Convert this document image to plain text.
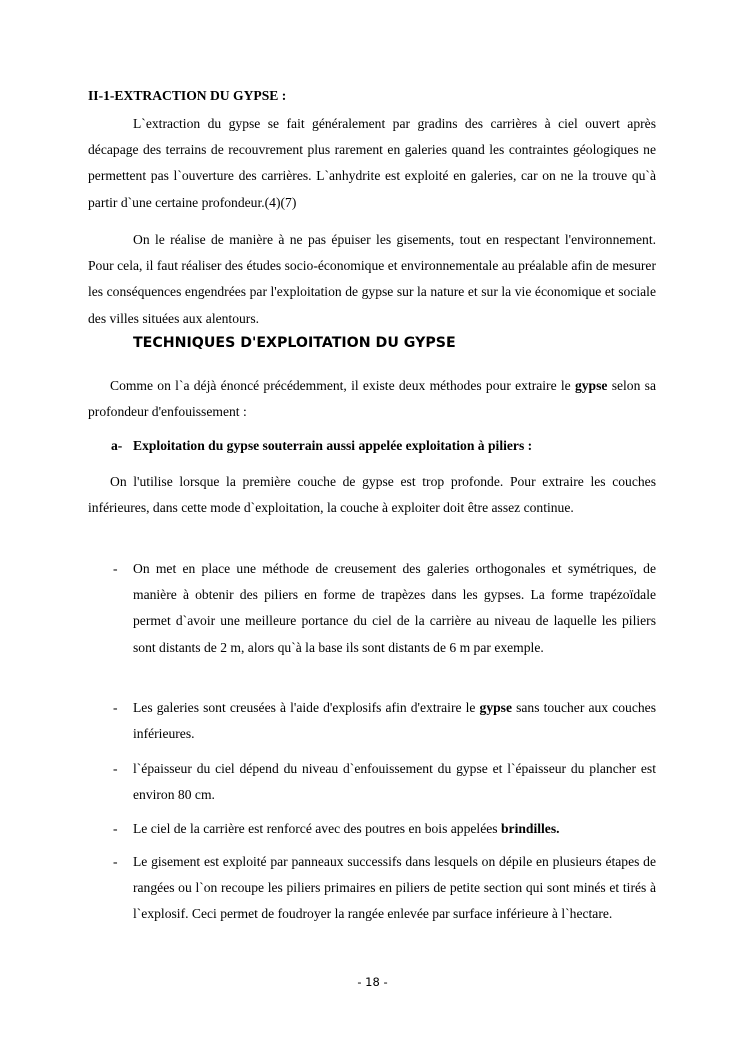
II-1-EXTRACTION DU GYPSE :
L`extraction du gypse se fait généralement par gradins des carrières à ciel ouvert après décapage des terrains de recouvrement plus rarement en galeries quand les contraintes géologiques ne permettent pas l`ouverture des carrières. L`anhydrite est exploité en galeries, car on ne la trouve qu`à partir d`une certaine profondeur.(4)(7)
On le réalise de manière à ne pas épuiser les gisements, tout en respectant l'environnement. Pour cela, il faut réaliser des études socio-économique et environnementale au préalable afin de mesurer les conséquences engendrées par l'exploitation de gypse sur la nature et sur la vie économique et sociale des villes situées aux alentours.
TECHNIQUES D'EXPLOITATION DU GYPSE
Comme on l`a déjà énoncé précédemment, il existe deux méthodes pour extraire le gypse selon sa profondeur d'enfouissement :
a- Exploitation du gypse souterrain aussi appelée exploitation à piliers :
On l'utilise lorsque la première couche de gypse est trop profonde. Pour extraire les couches inférieures, dans cette mode d`exploitation, la couche à exploiter doit être assez continue.
- On met en place une méthode de creusement des galeries orthogonales et symétriques, de manière à obtenir des piliers en forme de trapèzes dans les gypses. La forme trapézoïdale permet d`avoir une meilleure portance du ciel de la carrière au niveau de laquelle les piliers sont distants de 2 m, alors qu`à la base ils sont distants de 6 m par exemple.
- Les galeries sont creusées à l'aide d'explosifs afin d'extraire le gypse sans toucher aux couches inférieures.
- l`épaisseur du ciel dépend du niveau d`enfouissement du gypse et l`épaisseur du plancher est environ 80 cm.
- Le ciel de la carrière est renforcé avec des poutres en bois appelées brindilles.
- Le gisement est exploité par panneaux successifs dans lesquels on dépile en plusieurs étapes de rangées ou l`on recoupe les piliers primaires en piliers de petite section qui sont minés et tirés à l`explosif. Ceci permet de foudroyer la rangée enlevée par surface inférieure à l`hectare.
- 18 -
